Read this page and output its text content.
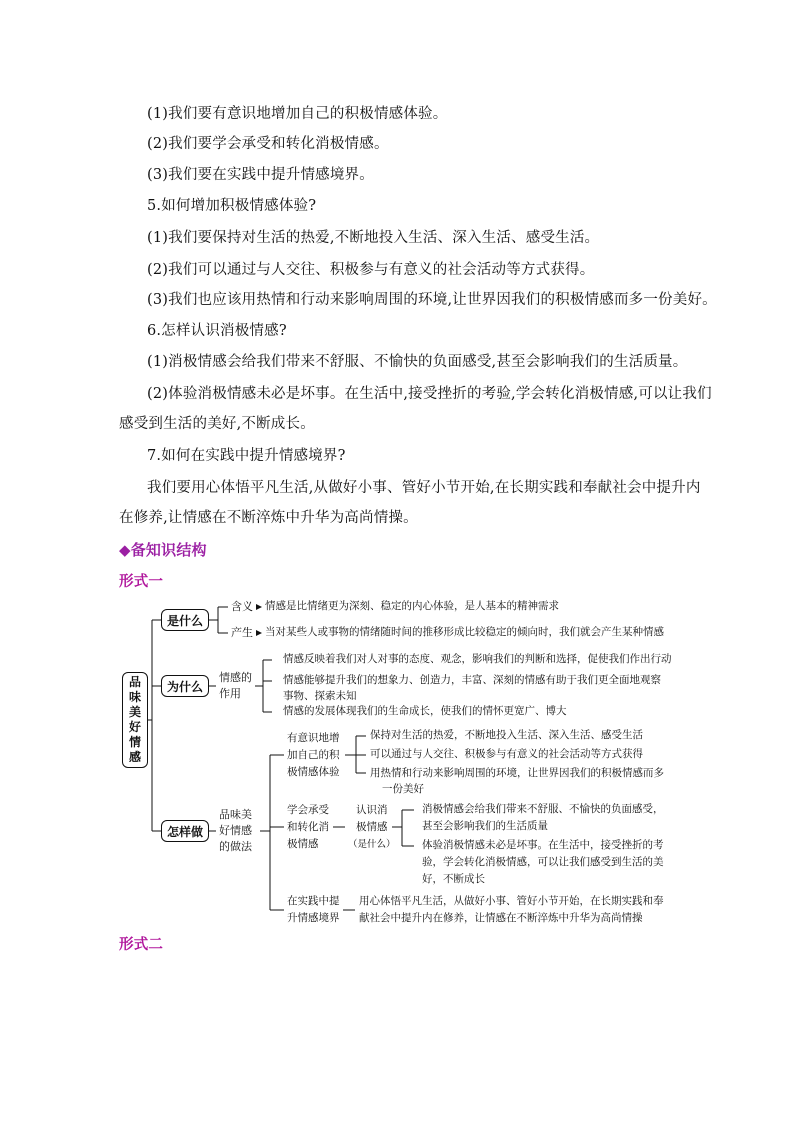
(1)我们要有意识地增加自己的积极情感体验。
(2)我们要学会承受和转化消极情感。
(3)我们要在实践中提升情感境界。
5.如何增加积极情感体验?
(1)我们要保持对生活的热爱,不断地投入生活、深入生活、感受生活。
(2)我们可以通过与人交往、积极参与有意义的社会活动等方式获得。
(3)我们也应该用热情和行动来影响周围的环境,让世界因我们的积极情感而多一份美好。
6.怎样认识消极情感?
(1)消极情感会给我们带来不舒服、不愉快的负面感受,甚至会影响我们的生活质量。
(2)体验消极情感未必是坏事。在生活中,接受挫折的考验,学会转化消极情感,可以让我们
感受到生活的美好,不断成长。
7.如何在实践中提升情感境界?
我们要用心体悟平凡生活,从做好小事、管好小节开始,在长期实践和奉献社会中提升内
在修养,让情感在不断淬炼中升华为高尚情操。
◆备知识结构
形式一
形式二
品
味
美
好
情
感
是什么
为什么
怎样做
含义 情感是比情绪更为深刻、稳定的内心体验，是人基本的精神需求
产生 当对某些人或事物的情绪随时间的推移形成比较稳定的倾向时，我们就会产生某种情感
情感的
作用
情感反映着我们对人对事的态度、观念，影响我们的判断和选择，促使我们作出行动
情感能够提升我们的想象力、创造力，丰富、深刻的情感有助于我们更全面地观察
事物、探索未知
情感的发展体现我们的生命成长，使我们的情怀更宽广、博大
品味美
好情感
的做法
有意识地增
加自己的积
极情感体验
保持对生活的热爱，不断地投入生活、深入生活、感受生活
可以通过与人交往、积极参与有意义的社会活动等方式获得
用热情和行动来影响周围的环境，让世界因我们的积极情感而多
一份美好
学会承受
和转化消
极情感
认识消
极情感
（是什么）
消极情感会给我们带来不舒服、不愉快的负面感受，
甚至会影响我们的生活质量
体验消极情感未必是坏事。在生活中，接受挫折的考
验，学会转化消极情感，可以让我们感受到生活的美
好，不断成长
在实践中提
升情感境界
用心体悟平凡生活，从做好小事、管好小节开始，在长期实践和奉
献社会中提升内在修养，让情感在不断淬炼中升华为高尚情操
